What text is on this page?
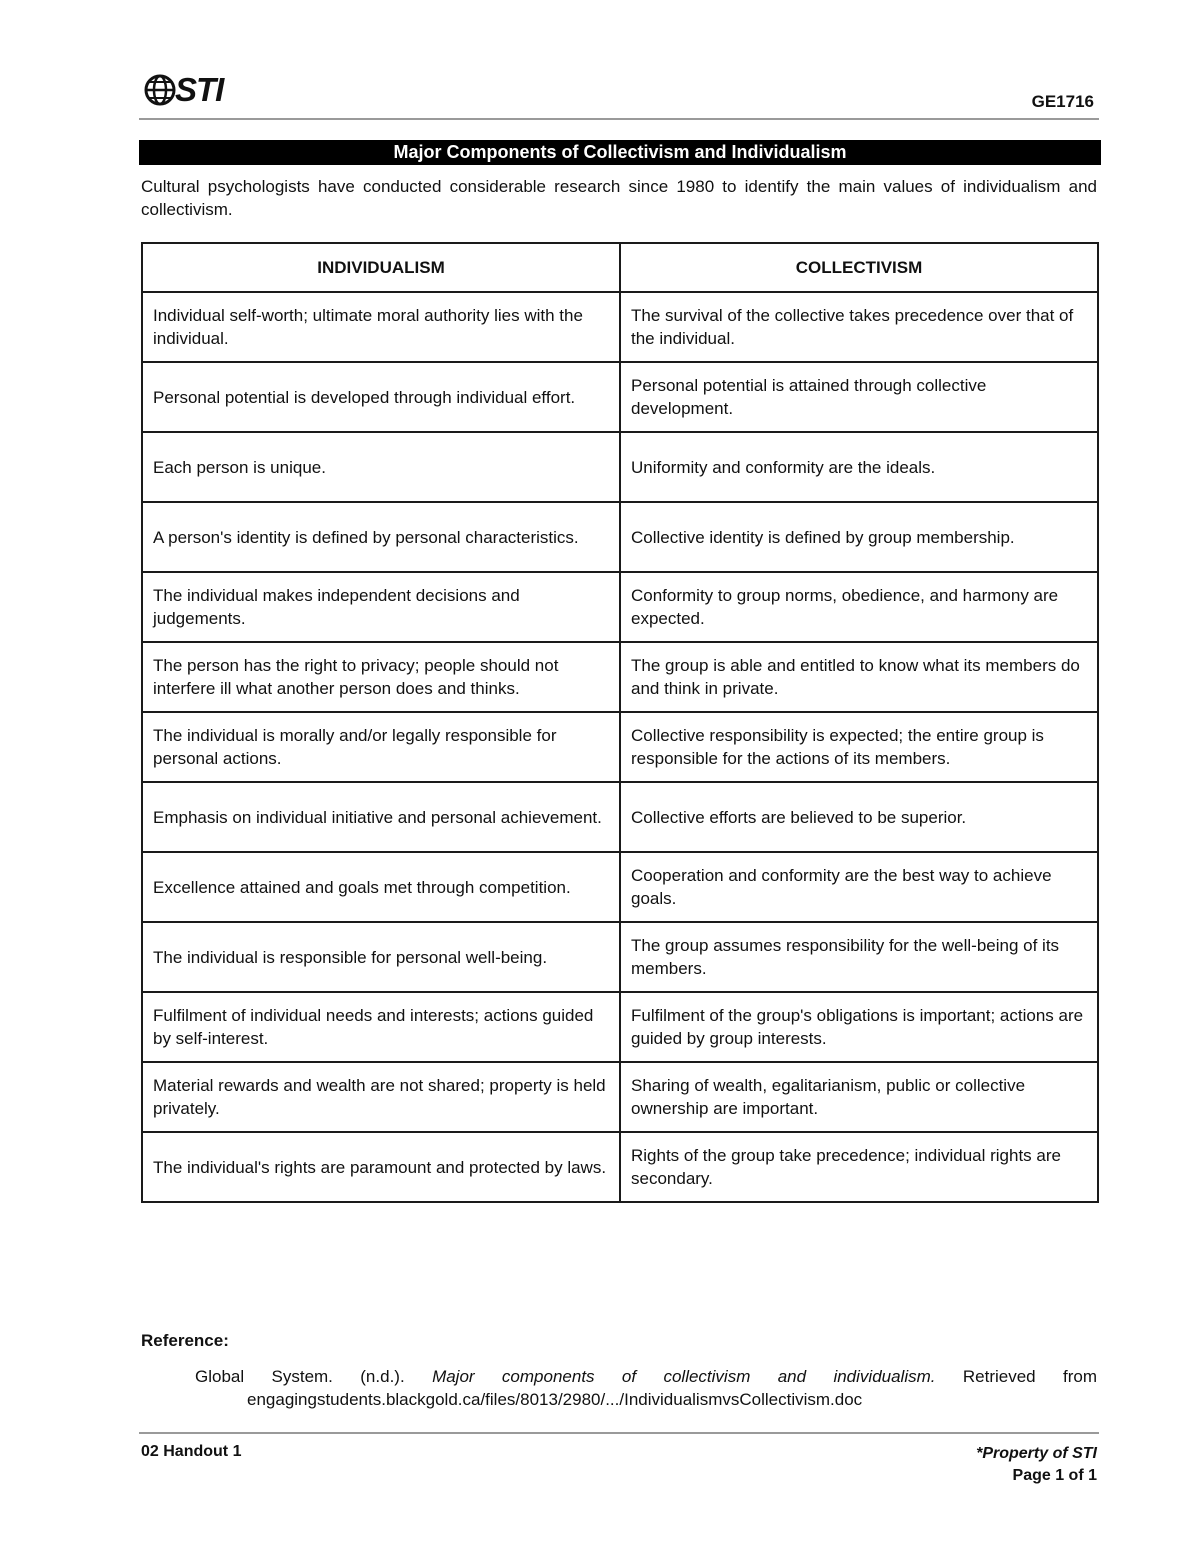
STI	GE1716
Major Components of Collectivism and Individualism
Cultural psychologists have conducted considerable research since 1980 to identify the main values of individualism and collectivism.
INDIVIDUALISM	COLLECTIVISM
Individual self-worth; ultimate moral authority lies with the individual.	The survival of the collective takes precedence over that of the individual.
Personal potential is developed through individual effort.	Personal potential is attained through collective development.
Each person is unique.	Uniformity and conformity are the ideals.
A person's identity is defined by personal characteristics.	Collective identity is defined by group membership.
The individual makes independent decisions and judgements.	Conformity to group norms, obedience, and harmony are expected.
The person has the right to privacy; people should not interfere ill what another person does and thinks.	The group is able and entitled to know what its members do and think in private.
The individual is morally and/or legally responsible for personal actions.	Collective responsibility is expected; the entire group is responsible for the actions of its members.
Emphasis on individual initiative and personal achievement.	Collective efforts are believed to be superior.
Excellence attained and goals met through competition.	Cooperation and conformity are the best way to achieve goals.
The individual is responsible for personal well-being.	The group assumes responsibility for the well-being of its members.
Fulfilment of individual needs and interests; actions guided by self-interest.	Fulfilment of the group's obligations is important; actions are guided by group interests.
Material rewards and wealth are not shared; property is held privately.	Sharing of wealth, egalitarianism, public or collective ownership are important.
The individual's rights are paramount and protected by laws.	Rights of the group take precedence; individual rights are secondary.
Reference:
Global System. (n.d.). Major components of collectivism and individualism. Retrieved from
engagingstudents.blackgold.ca/files/8013/2980/.../IndividualismvsCollectivism.doc
02 Handout 1	*Property of STI
Page 1 of 1
